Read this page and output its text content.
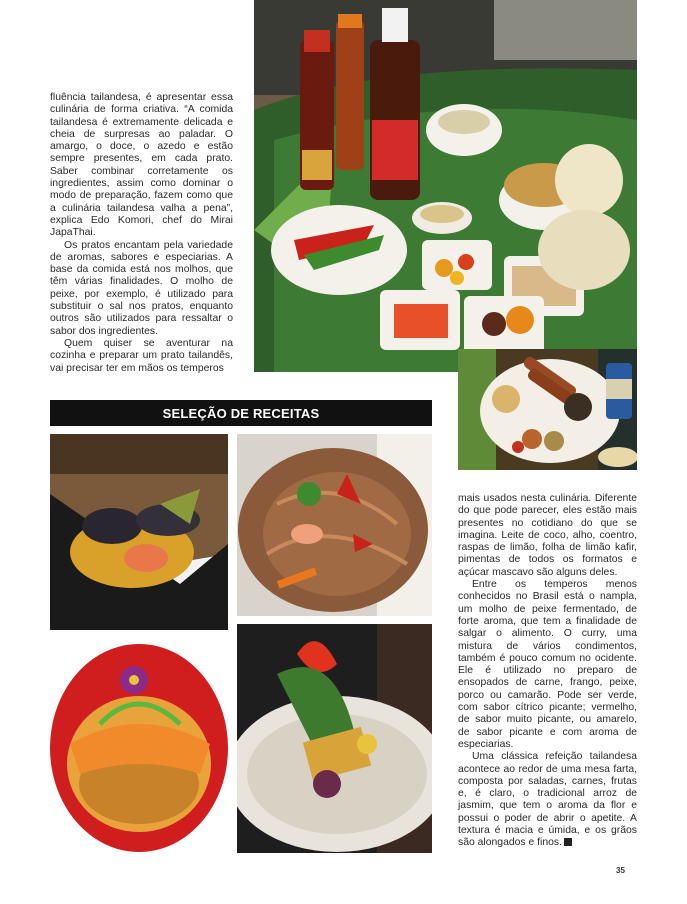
fluência tailandesa, é apresentar essa culinária de forma criativa. “A comida tailandesa é extremamente delicada e cheia de surpresas ao paladar. O amargo, o doce, o azedo e estão sempre presentes, em cada prato. Saber combinar corretamente os ingredientes, assim como dominar o modo de preparação, fazem como que a culinária tailandesa valha a pena”, explica Edo Komori, chef do Mirai JapaThai.

Os pratos encantam pela variedade de aromas, sabores e especiarias. A base da comida está nos molhos, que têm várias finalidades. O molho de peixe, por exemplo, é utilizado para substituir o sal nos pratos, enquanto outros são utilizados para ressaltar o sabor dos ingredientes.

Quem quiser se aventurar na cozinha e preparar um prato tailandês, vai precisar ter em mãos os temperos

SELEÇÃO DE RECEITAS

mais usados nesta culinária. Diferente do que pode parecer, eles estão mais presentes no cotidiano do que se imagina. Leite de coco, alho, coentro, raspas de limão, folha de limão kafir, pimentas de todos os formatos e açúcar mascavo são alguns deles.

Entre os temperos menos conhecidos no Brasil está o nampla, um molho de peixe fermentado, de forte aroma, que tem a finalidade de salgar o alimento. O curry, uma mistura de vários condimentos, também é pouco comum no ocidente. Ele é utilizado no preparo de ensopados de carne, frango, peixe, porco ou camarão. Pode ser verde, com sabor cítrico picante; vermelho, de sabor muito picante, ou amarelo, de sabor picante e com aroma de especiarias.

Uma clássica refeição tailandesa acontece ao redor de uma mesa farta, composta por saladas, carnes, frutas e, é claro, o tradicional arroz de jasmim, que tem o aroma da flor e possui o poder de abrir o apetite. A textura é macia e úmida, e os grãos são alongados e finos.

35
